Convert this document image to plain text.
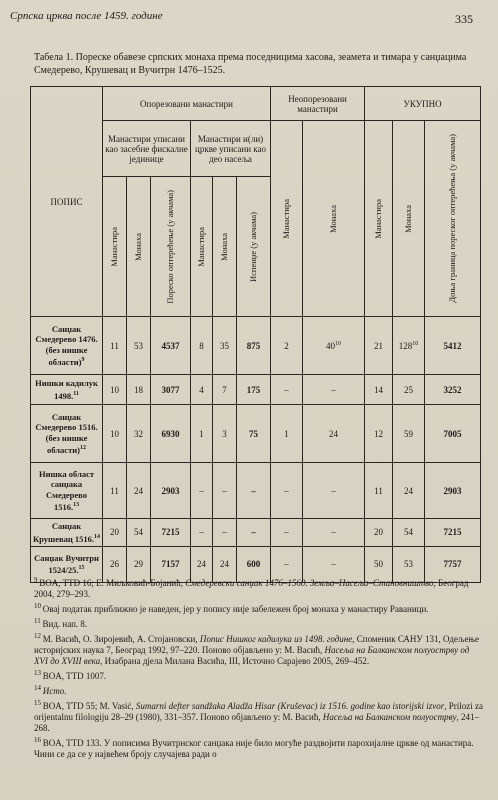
Српска црква после 1459. године	335
Табела 1. Пореске обавезе српских монаха према поседницима хасова, зеамета и тимара у санџацима Смедерево, Крушевац и Вучитрн 1476–1525.
ПОПИС	Опорезовани манастири						Неопорезовани манастири		УКУПНО		
	Манастири уписани као засебне фискалне јединице			Манастири и(ли) цркве уписани као део насеља			Манастира	Монаха	Манастира	Монаха	Доња граница пореског оптерећења (у акчама)

	Манастира	Монаха	Пореско оптерећење (у акчама)	Манастира	Монаха	Испенџе (у акчама)					

Санџак Смедерево 1476. (без нишке области)$^9$	11	53	4537	8	35	875	2	$40^{10}$	21	$128^{10}$	5412
Нишки кадилук 1498.11	10	18	3077	4	7	175	–	–	14	25	3252
Санџак Смедерево 1516. (без нишке области)$^{12}$	10	32	6930	1	3	75	1	24	12	59	7005
Нишка област санџака Смедерево 1516.13	11	24	2903	–	–	–	–	–	11	24	2903
Санџак Крушевац 1516.14	20	54	7215	–	–	–	–	–	20	54	7215
Санџак Вучитрн 1524/25.15	26	29	7157	24	24	600	–	–	50	53	7757
$^9$ BOA, TTD 16; Е. Миљковић-Бојанић, Смедеревски санџак 1476–1560. Земља–Насеља–Становништво, Београд 2004, 279–293.
$^{10}$ Овај податак приближно је наведен, јер у попису није забележен број монаха у манастиру Раваници.
$^{11}$ Вид. нап. 8.
$^{12}$ М. Васић, О. Зиројевић, А. Стојановски, Попис Нишког кадилука из 1498. године, Споменик САНУ 131, Одељење историјских наука 7, Београд 1992, 97–220. Поново објављено у: М. Васић, Насеља на Балканском полуострву од XVI до XVIII века, Изабрана дјела Милана Васића, III, Источно Сарајево 2005, 269–452.
$^{13}$ BOA, TTD 1007.
$^{14}$ Исто.
$^{15}$ BOA, TTD 55; M. Vasić, Sumarni defter sandžaka Aladža Hisar (Kruševac) iz 1516. godine kao istorijski izvor, Prilozi za orijentalnu filologiju 28–29 (1980), 331–357. Поново објављено у: М. Васић, Насеља на Балканском полуострву, 241–268.
$^{16}$ BOA, TTD 133. У пописима Вучитрнског санџака није било могуће раздвојити парохијалне цркве од манастира. Чини се да се у највећем броју случајева ради о
